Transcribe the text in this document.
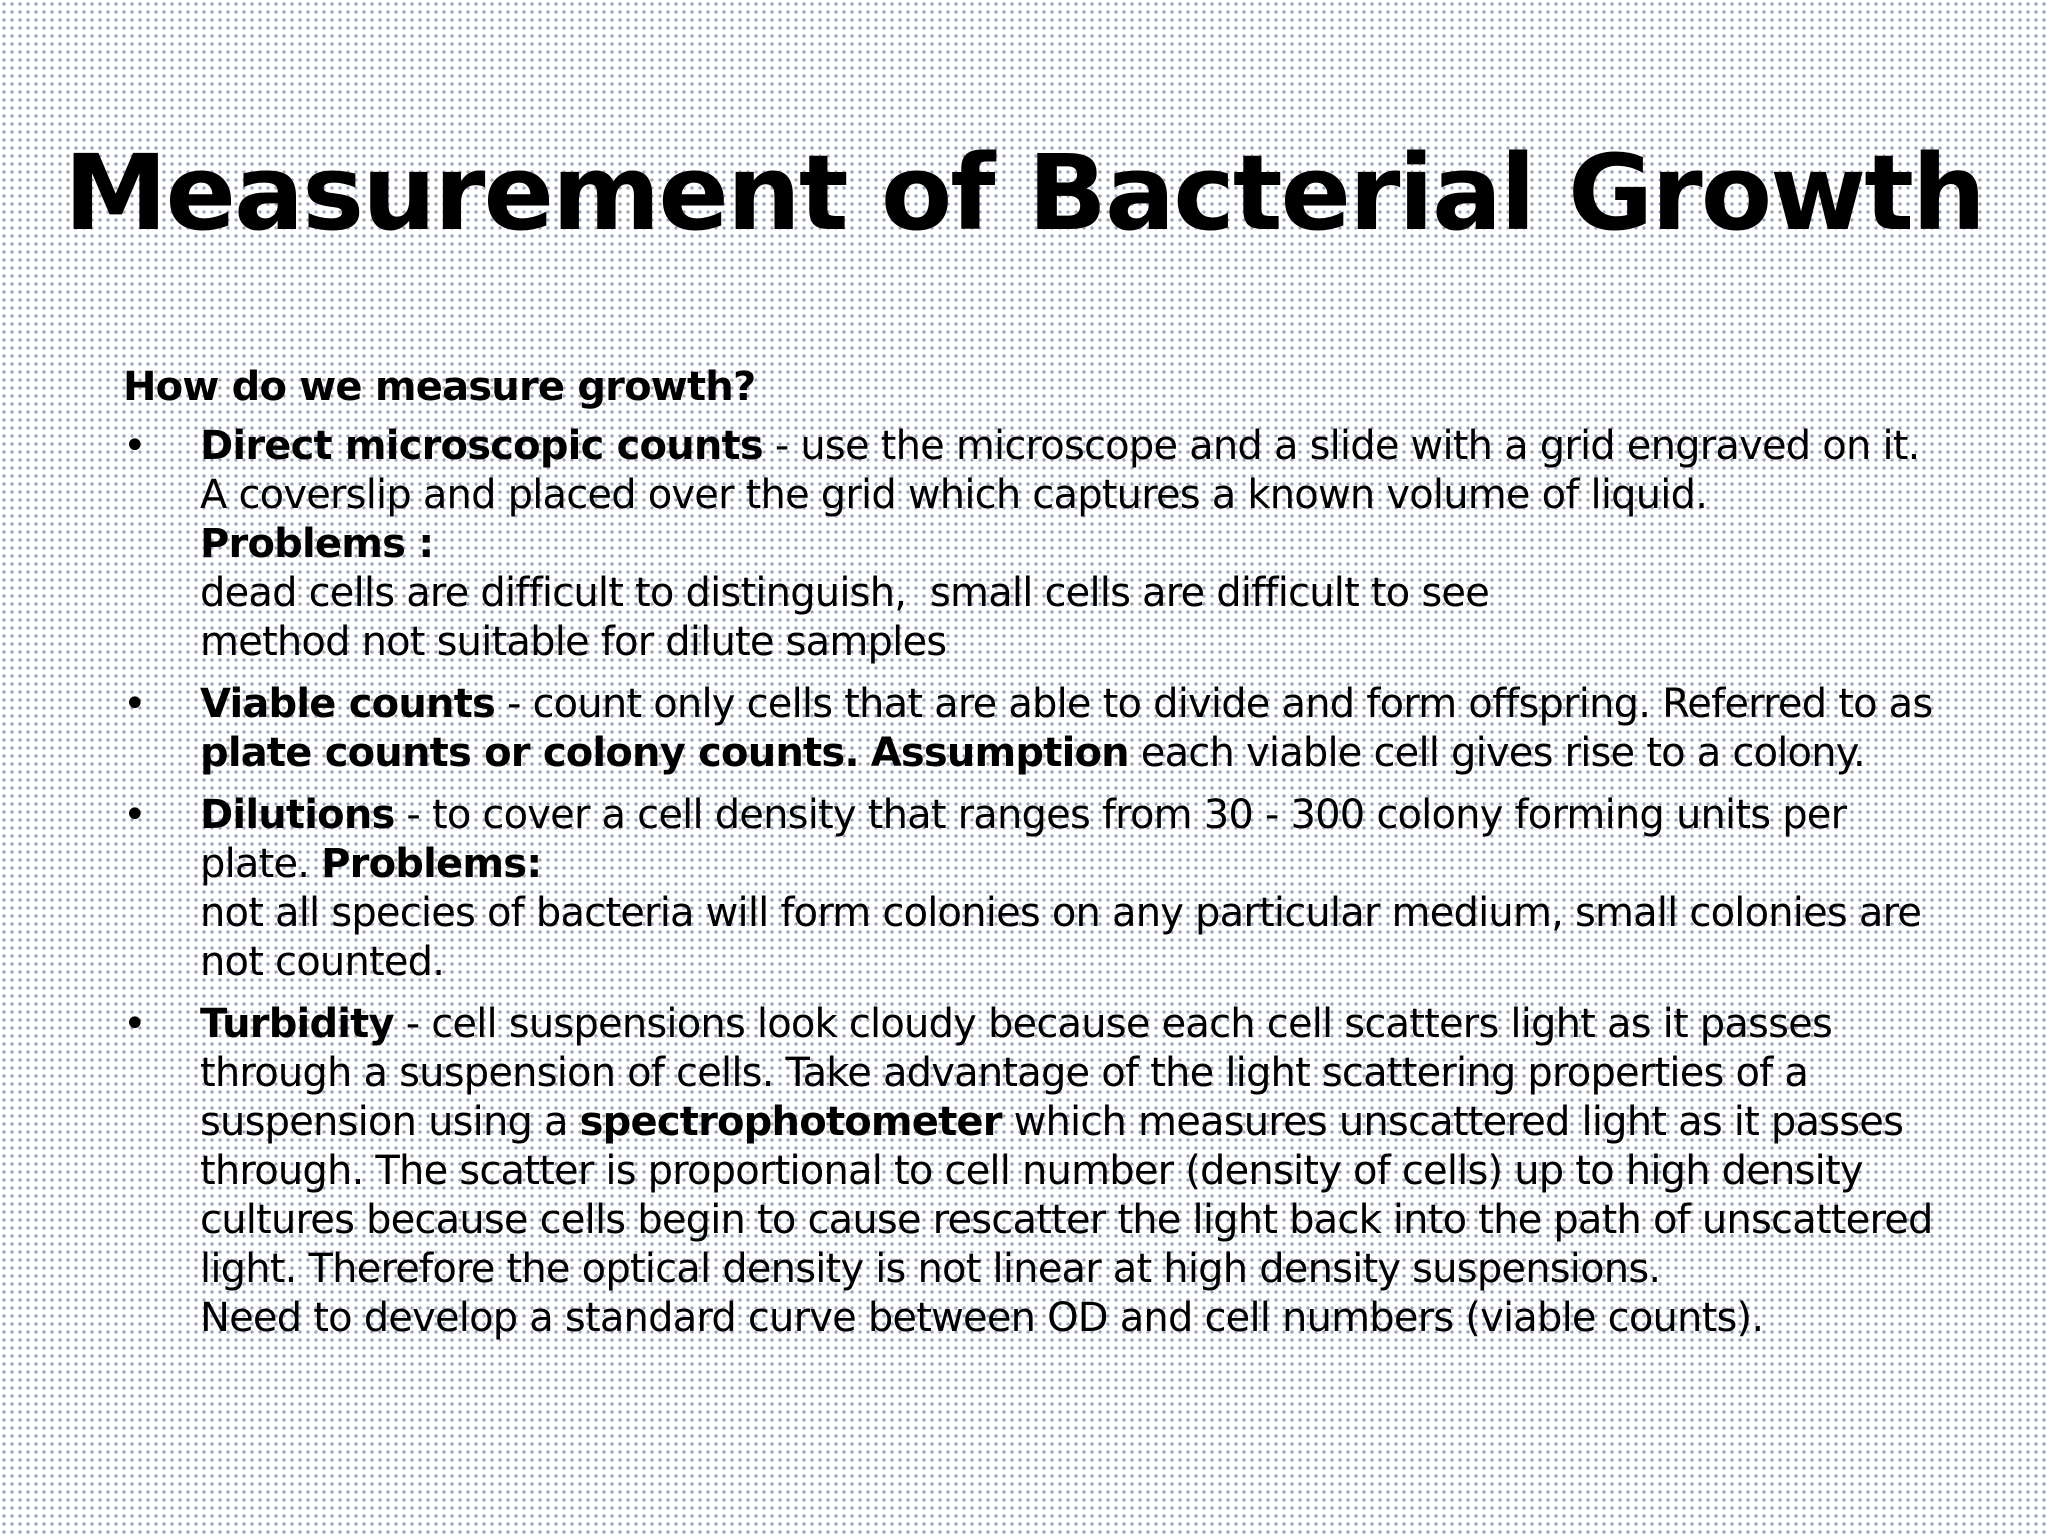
Measurement of Bacterial Growth
How do we measure growth?
• Direct microscopic counts - use the microscope and a slide with a grid engraved on it. A coverslip and placed over the grid which captures a known volume of liquid.
Problems :
dead cells are difficult to distinguish,  small cells are difficult to see
method not suitable for dilute samples
• Viable counts - count only cells that are able to divide and form offspring. Referred to as plate counts or colony counts. Assumption each viable cell gives rise to a colony.
• Dilutions - to cover a cell density that ranges from 30 - 300 colony forming units per plate. Problems:
not all species of bacteria will form colonies on any particular medium, small colonies are not counted.
• Turbidity - cell suspensions look cloudy because each cell scatters light as it passes through a suspension of cells. Take advantage of the light scattering properties of a suspension using a spectrophotometer which measures unscattered light as it passes through. The scatter is proportional to cell number (density of cells) up to high density cultures because cells begin to cause rescatter the light back into the path of unscattered light. Therefore the optical density is not linear at high density suspensions.
Need to develop a standard curve between OD and cell numbers (viable counts).
